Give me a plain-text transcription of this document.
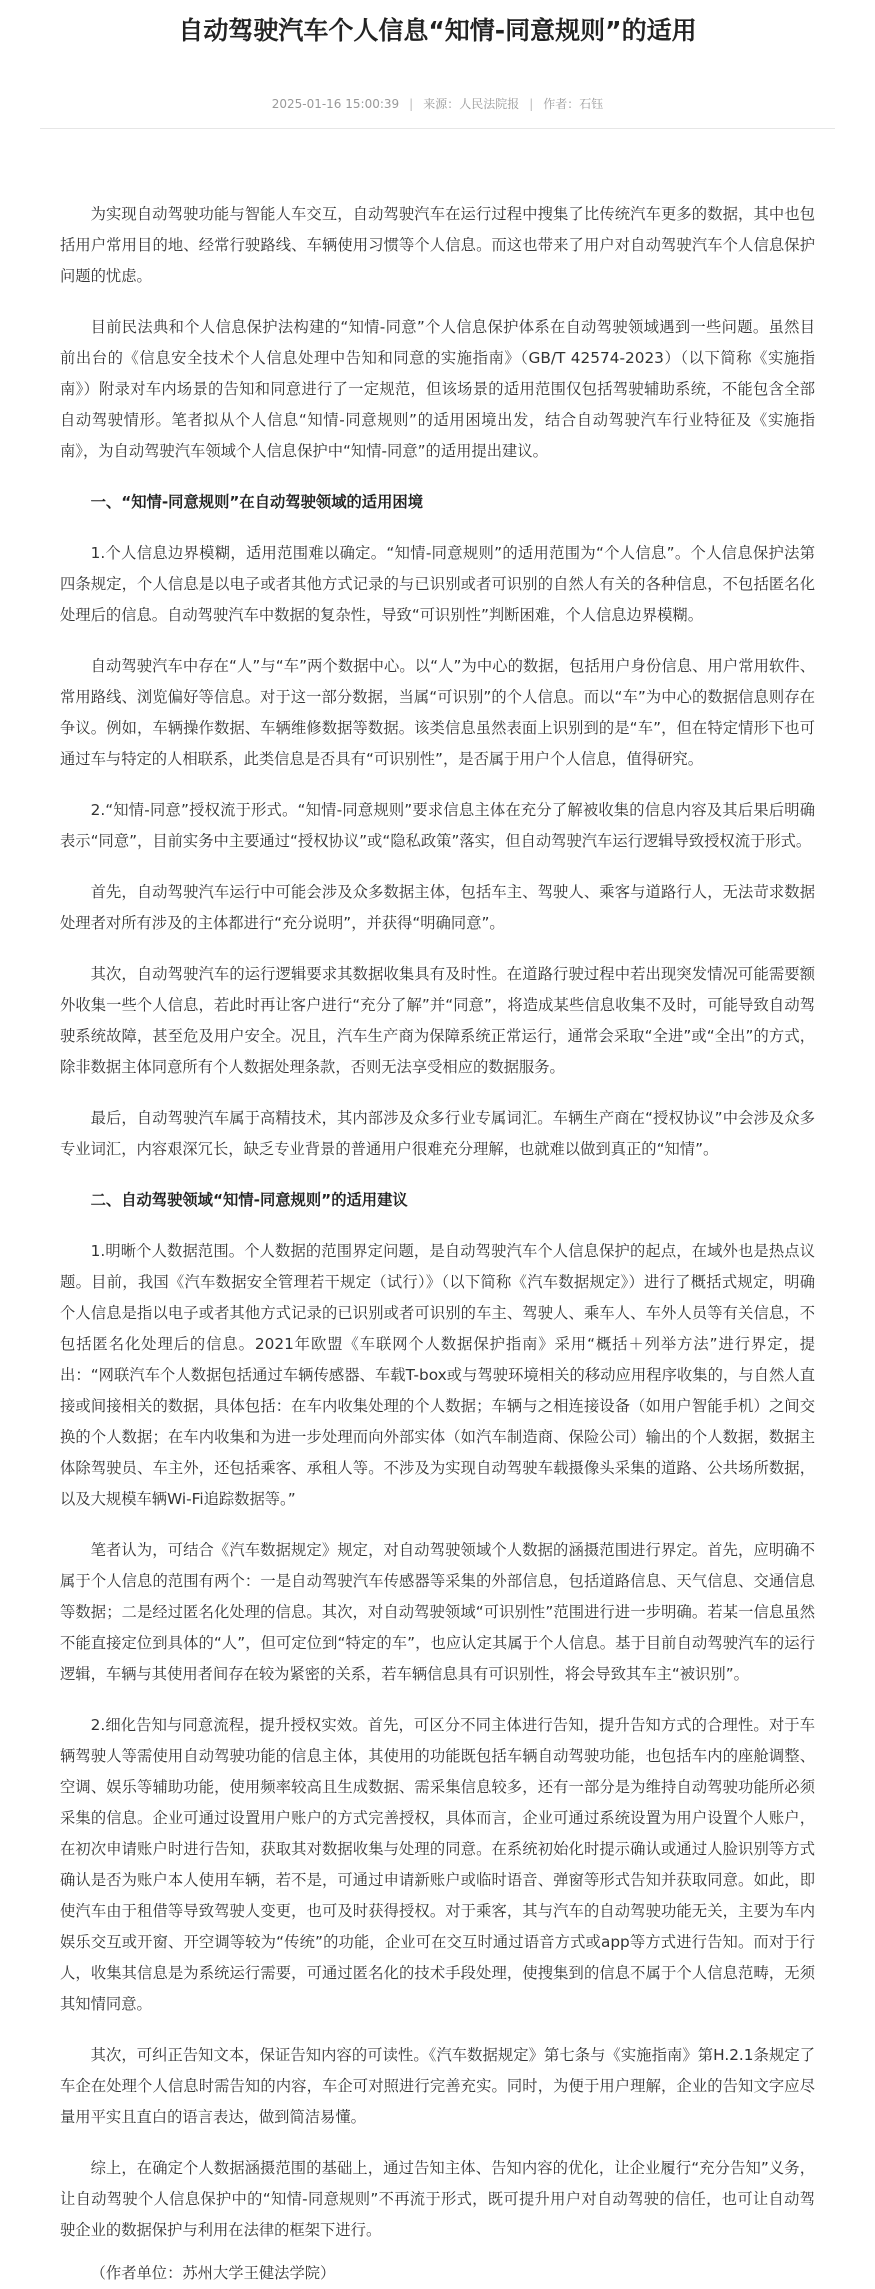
自动驾驶汽车个人信息“知情-同意规则”的适用
2025-01-16 15:00:39 | 来源：人民法院报 | 作者：石钰

为实现自动驾驶功能与智能人车交互，自动驾驶汽车在运行过程中搜集了比传统汽车更多的数据，其中也包括用户常用目的地、经常行驶路线、车辆使用习惯等个人信息。而这也带来了用户对自动驾驶汽车个人信息保护问题的忧虑。

目前民法典和个人信息保护法构建的“知情-同意”个人信息保护体系在自动驾驶领域遇到一些问题。虽然目前出台的《信息安全技术个人信息处理中告知和同意的实施指南》（GB/T 42574-2023）（以下简称《实施指南》）附录对车内场景的告知和同意进行了一定规范，但该场景的适用范围仅包括驾驶辅助系统，不能包含全部自动驾驶情形。笔者拟从个人信息“知情-同意规则”的适用困境出发，结合自动驾驶汽车行业特征及《实施指南》，为自动驾驶汽车领域个人信息保护中“知情-同意”的适用提出建议。

一、“知情-同意规则”在自动驾驶领域的适用困境

1.个人信息边界模糊，适用范围难以确定。“知情-同意规则”的适用范围为“个人信息”。个人信息保护法第四条规定，个人信息是以电子或者其他方式记录的与已识别或者可识别的自然人有关的各种信息，不包括匿名化处理后的信息。自动驾驶汽车中数据的复杂性，导致“可识别性”判断困难，个人信息边界模糊。

自动驾驶汽车中存在“人”与“车”两个数据中心。以“人”为中心的数据，包括用户身份信息、用户常用软件、常用路线、浏览偏好等信息。对于这一部分数据，当属“可识别”的个人信息。而以“车”为中心的数据信息则存在争议。例如，车辆操作数据、车辆维修数据等数据。该类信息虽然表面上识别到的是“车”，但在特定情形下也可通过车与特定的人相联系，此类信息是否具有“可识别性”，是否属于用户个人信息，值得研究。

2.“知情-同意”授权流于形式。“知情-同意规则”要求信息主体在充分了解被收集的信息内容及其后果后明确表示“同意”，目前实务中主要通过“授权协议”或“隐私政策”落实，但自动驾驶汽车运行逻辑导致授权流于形式。

首先，自动驾驶汽车运行中可能会涉及众多数据主体，包括车主、驾驶人、乘客与道路行人，无法苛求数据处理者对所有涉及的主体都进行“充分说明”，并获得“明确同意”。

其次，自动驾驶汽车的运行逻辑要求其数据收集具有及时性。在道路行驶过程中若出现突发情况可能需要额外收集一些个人信息，若此时再让客户进行“充分了解”并“同意”，将造成某些信息收集不及时，可能导致自动驾驶系统故障，甚至危及用户安全。况且，汽车生产商为保障系统正常运行，通常会采取“全进”或“全出”的方式，除非数据主体同意所有个人数据处理条款，否则无法享受相应的数据服务。

最后，自动驾驶汽车属于高精技术，其内部涉及众多行业专属词汇。车辆生产商在“授权协议”中会涉及众多专业词汇，内容艰深冗长，缺乏专业背景的普通用户很难充分理解，也就难以做到真正的“知情”。

二、自动驾驶领域“知情-同意规则”的适用建议

1.明晰个人数据范围。个人数据的范围界定问题，是自动驾驶汽车个人信息保护的起点，在域外也是热点议题。目前，我国《汽车数据安全管理若干规定（试行）》（以下简称《汽车数据规定》）进行了概括式规定，明确个人信息是指以电子或者其他方式记录的已识别或者可识别的车主、驾驶人、乘车人、车外人员等有关信息，不包括匿名化处理后的信息。2021年欧盟《车联网个人数据保护指南》采用“概括＋列举方法”进行界定，提出：“网联汽车个人数据包括通过车辆传感器、车载T-box或与驾驶环境相关的移动应用程序收集的，与自然人直接或间接相关的数据，具体包括：在车内收集处理的个人数据；车辆与之相连接设备（如用户智能手机）之间交换的个人数据；在车内收集和为进一步处理而向外部实体（如汽车制造商、保险公司）输出的个人数据，数据主体除驾驶员、车主外，还包括乘客、承租人等。不涉及为实现自动驾驶车载摄像头采集的道路、公共场所数据，以及大规模车辆Wi-Fi追踪数据等。”

笔者认为，可结合《汽车数据规定》规定，对自动驾驶领域个人数据的涵摄范围进行界定。首先，应明确不属于个人信息的范围有两个：一是自动驾驶汽车传感器等采集的外部信息，包括道路信息、天气信息、交通信息等数据；二是经过匿名化处理的信息。其次，对自动驾驶领域“可识别性”范围进行进一步明确。若某一信息虽然不能直接定位到具体的“人”，但可定位到“特定的车”，也应认定其属于个人信息。基于目前自动驾驶汽车的运行逻辑，车辆与其使用者间存在较为紧密的关系，若车辆信息具有可识别性，将会导致其车主“被识别”。

2.细化告知与同意流程，提升授权实效。首先，可区分不同主体进行告知，提升告知方式的合理性。对于车辆驾驶人等需使用自动驾驶功能的信息主体，其使用的功能既包括车辆自动驾驶功能，也包括车内的座舱调整、空调、娱乐等辅助功能，使用频率较高且生成数据、需采集信息较多，还有一部分是为维持自动驾驶功能所必须采集的信息。企业可通过设置用户账户的方式完善授权，具体而言，企业可通过系统设置为用户设置个人账户，在初次申请账户时进行告知，获取其对数据收集与处理的同意。在系统初始化时提示确认或通过人脸识别等方式确认是否为账户本人使用车辆，若不是，可通过申请新账户或临时语音、弹窗等形式告知并获取同意。如此，即使汽车由于租借等导致驾驶人变更，也可及时获得授权。对于乘客，其与汽车的自动驾驶功能无关，主要为车内娱乐交互或开窗、开空调等较为“传统”的功能，企业可在交互时通过语音方式或app等方式进行告知。而对于行人，收集其信息是为系统运行需要，可通过匿名化的技术手段处理，使搜集到的信息不属于个人信息范畴，无须其知情同意。

其次，可纠正告知文本，保证告知内容的可读性。《汽车数据规定》第七条与《实施指南》第H.2.1条规定了车企在处理个人信息时需告知的内容，车企可对照进行完善充实。同时，为便于用户理解，企业的告知文字应尽量用平实且直白的语言表达，做到简洁易懂。

综上，在确定个人数据涵摄范围的基础上，通过告知主体、告知内容的优化，让企业履行“充分告知”义务，让自动驾驶个人信息保护中的“知情-同意规则”不再流于形式，既可提升用户对自动驾驶的信任，也可让自动驾驶企业的数据保护与利用在法律的框架下进行。

（作者单位：苏州大学王健法学院）
